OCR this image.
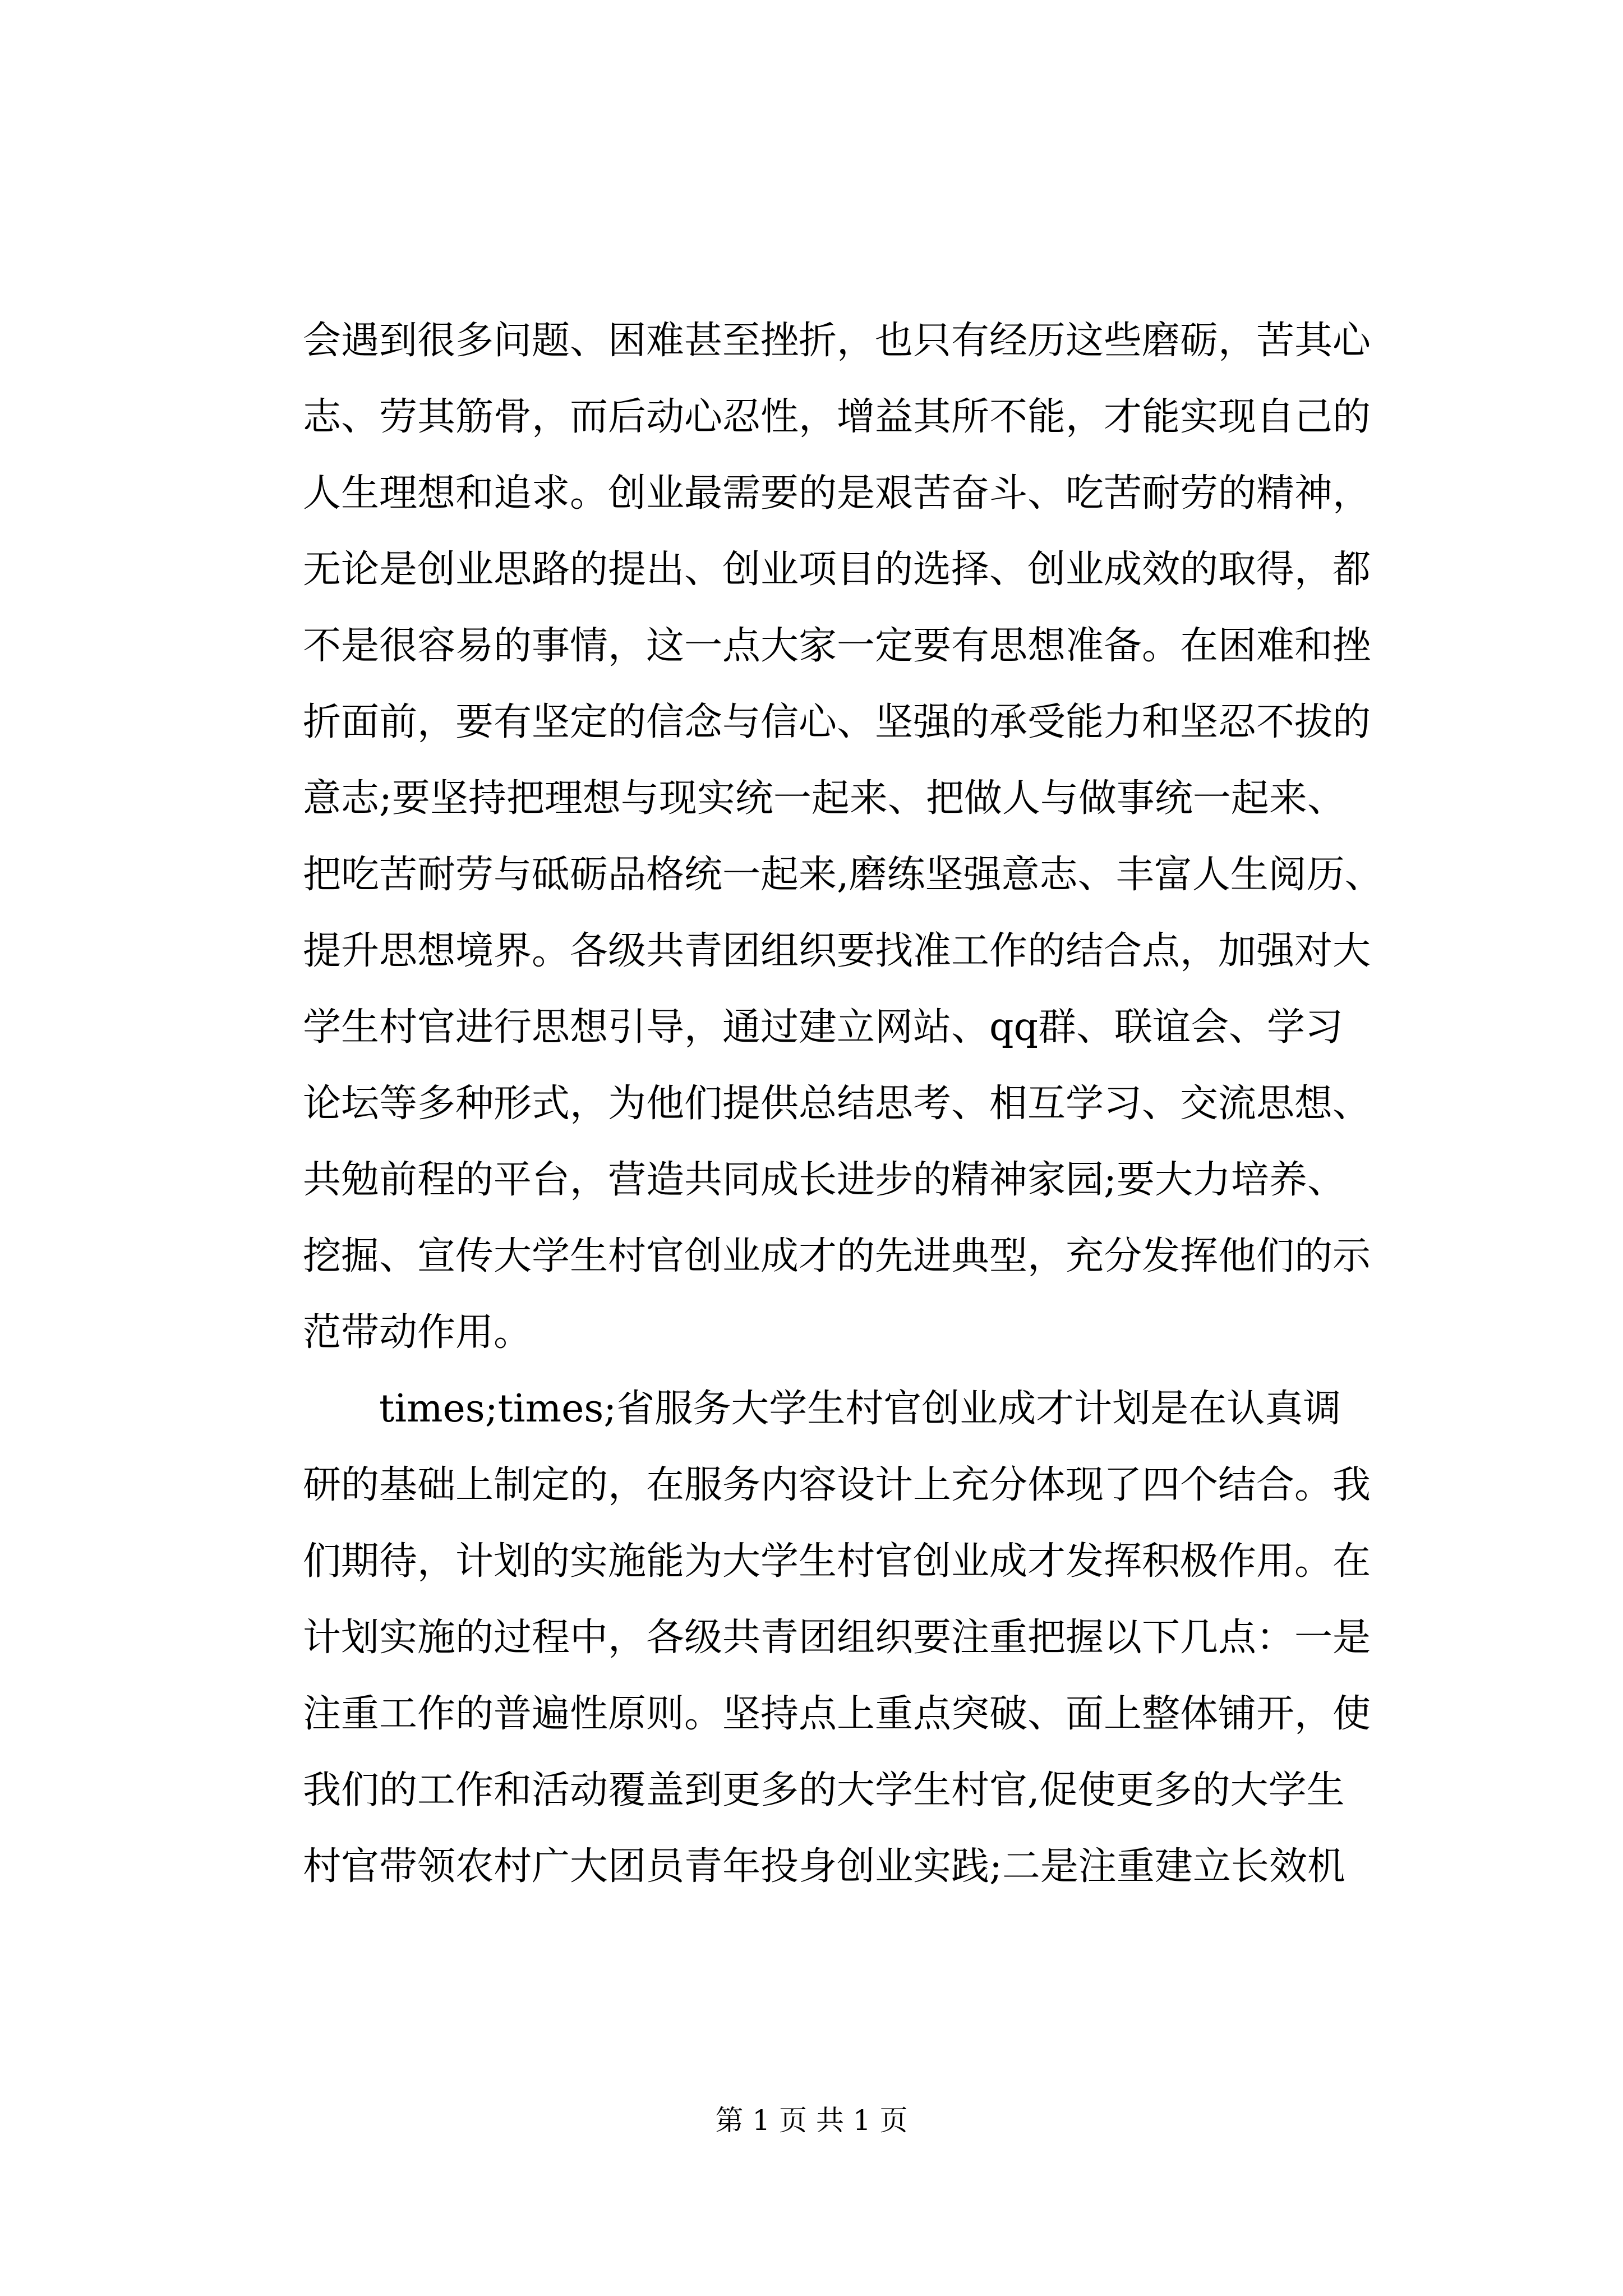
会遇到很多问题、困难甚至挫折，也只有经历这些磨砺，苦其心
志、劳其筋骨，而后动心忍性，增益其所不能，才能实现自己的
人生理想和追求。创业最需要的是艰苦奋斗、吃苦耐劳的精神，
无论是创业思路的提出、创业项目的选择、创业成效的取得，都
不是很容易的事情，这一点大家一定要有思想准备。在困难和挫
折面前，要有坚定的信念与信心、坚强的承受能力和坚忍不拔的
意志;要坚持把理想与现实统一起来、把做人与做事统一起来、
把吃苦耐劳与砥砺品格统一起来,磨练坚强意志、丰富人生阅历、
提升思想境界。各级共青团组织要找准工作的结合点，加强对大
学生村官进行思想引导，通过建立网站、qq群、联谊会、学习
论坛等多种形式，为他们提供总结思考、相互学习、交流思想、
共勉前程的平台，营造共同成长进步的精神家园;要大力培养、
挖掘、宣传大学生村官创业成才的先进典型，充分发挥他们的示
范带动作用。
times;times;省服务大学生村官创业成才计划是在认真调
研的基础上制定的，在服务内容设计上充分体现了四个结合。我
们期待，计划的实施能为大学生村官创业成才发挥积极作用。在
计划实施的过程中，各级共青团组织要注重把握以下几点：一是
注重工作的普遍性原则。坚持点上重点突破、面上整体铺开，使
我们的工作和活动覆盖到更多的大学生村官,促使更多的大学生
村官带领农村广大团员青年投身创业实践;二是注重建立长效机
第 1 页 共 1 页
